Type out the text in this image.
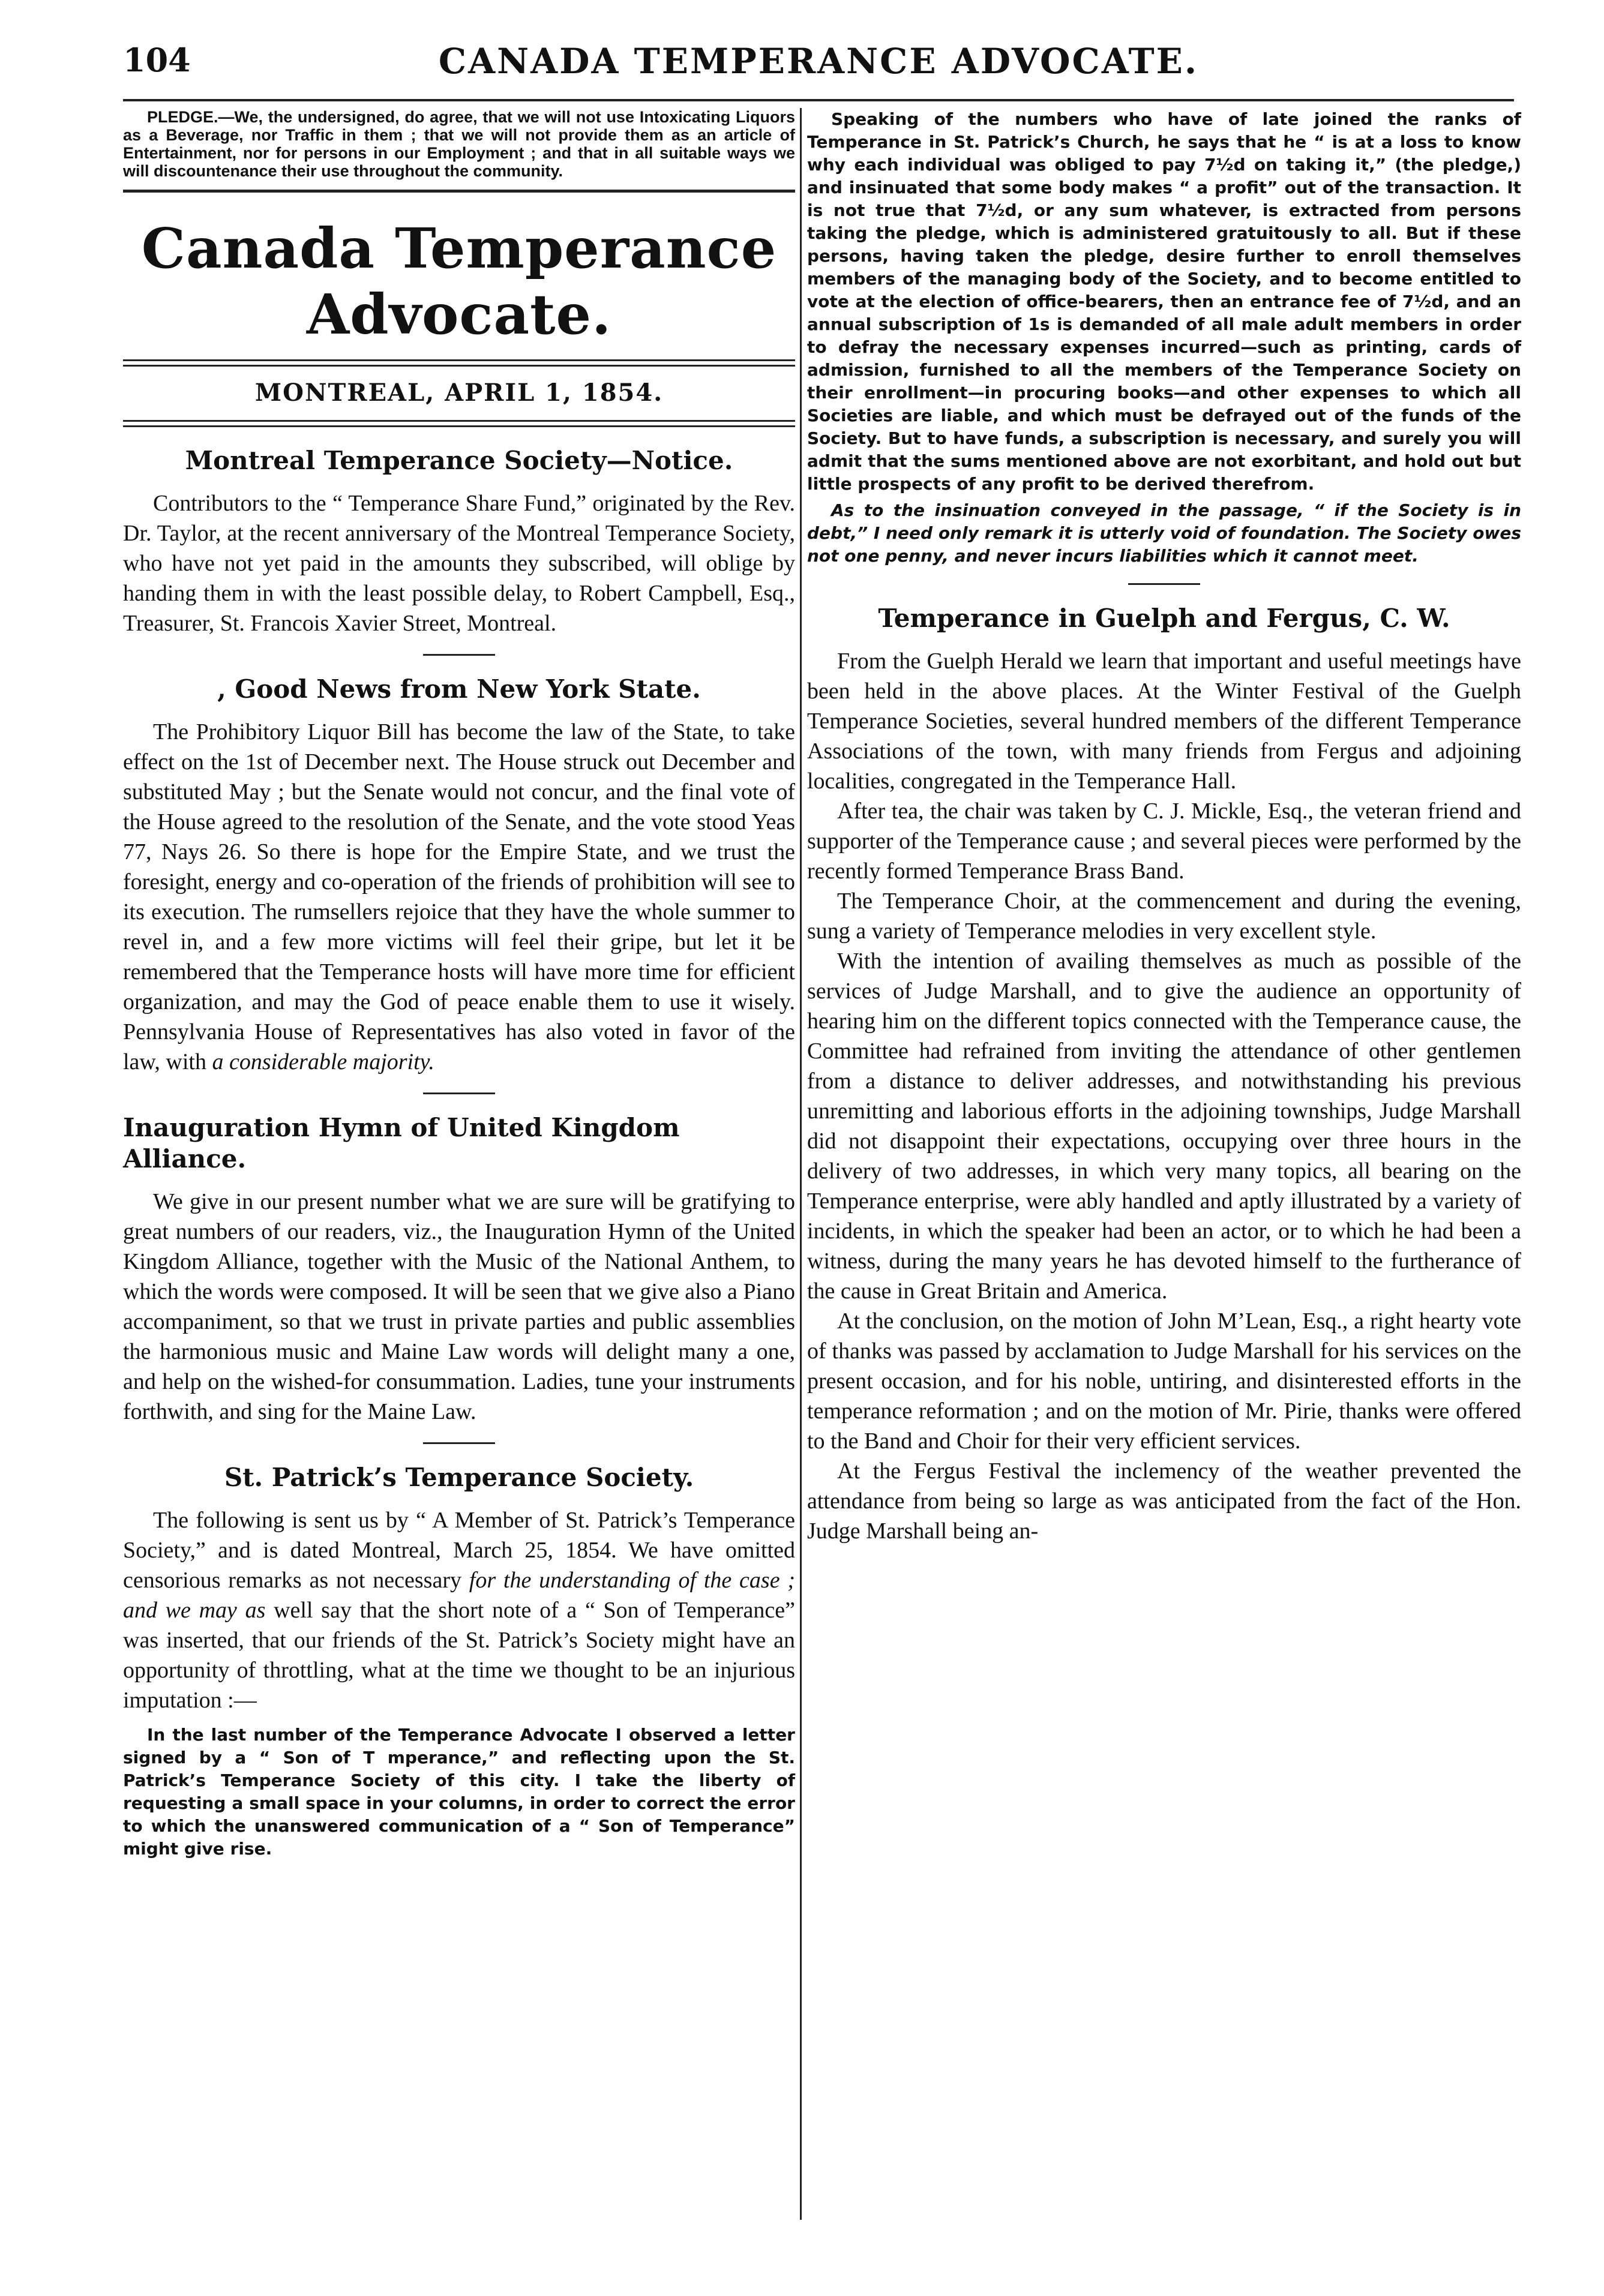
104	CANADA TEMPERANCE ADVOCATE.

PLEDGE.—We, the undersigned, do agree, that we will not use Intoxicating Liquors as a Beverage, nor Traffic in them ; that we will not provide them as an article of Entertainment, nor for persons in our Employment ; and that in all suitable ways we will discountenance their use throughout the community.

Canada Temperance Advocate.
MONTREAL, APRIL 1, 1854.
Montreal Temperance Society—Notice.

Contributors to the “ Temperance Share Fund,” originated by the Rev. Dr. Taylor, at the recent anniversary of the Montreal Temperance Society, who have not yet paid in the amounts they subscribed, will oblige by handing them in with the least possible delay, to Robert Campbell, Esq., Treasurer, St. Francois Xavier Street, Montreal.

, Good News from New York State.

The Prohibitory Liquor Bill has become the law of the State, to take effect on the 1st of December next. The House struck out December and substituted May ; but the Senate would not concur, and the final vote of the House agreed to the resolution of the Senate, and the vote stood Yeas 77, Nays 26. So there is hope for the Empire State, and we trust the foresight, energy and co-operation of the friends of prohibition will see to its execution. The rumsellers rejoice that they have the whole summer to revel in, and a few more victims will feel their gripe, but let it be remembered that the Temperance hosts will have more time for efficient organization, and may the God of peace enable them to use it wisely. Pennsylvania House of Representatives has also voted in favor of the law, with a considerable majority.

Inauguration Hymn of United Kingdom Alliance.

We give in our present number what we are sure will be gratifying to great numbers of our readers, viz., the Inauguration Hymn of the United Kingdom Alliance, together with the Music of the National Anthem, to which the words were composed. It will be seen that we give also a Piano accompaniment, so that we trust in private parties and public assemblies the harmonious music and Maine Law words will delight many a one, and help on the wished-for consummation. Ladies, tune your instruments forthwith, and sing for the Maine Law.

St. Patrick’s Temperance Society.

The following is sent us by “ A Member of St. Patrick’s Temperance Society,” and is dated Montreal, March 25, 1854. We have omitted censorious remarks as not necessary for the understanding of the case ; and we may as well say that the short note of a “ Son of Temperance” was inserted, that our friends of the St. Patrick’s Society might have an opportunity of throttling, what at the time we thought to be an injurious imputation :—

In the last number of the Temperance Advocate I observed a letter signed by a “ Son of T mperance,” and reflecting upon the St. Patrick’s Temperance Society of this city. I take the liberty of requesting a small space in your columns, in order to correct the error to which the unanswered communication of a “ Son of Temperance” might give rise.

Speaking of the numbers who have of late joined the ranks of Temperance in St. Patrick’s Church, he says that he “ is at a loss to know why each individual was obliged to pay 7½d on taking it,” (the pledge,) and insinuated that some body makes “ a profit” out of the transaction. It is not true that 7½d, or any sum whatever, is extracted from persons taking the pledge, which is administered gratuitously to all. But if these persons, having taken the pledge, desire further to enroll themselves members of the managing body of the Society, and to become entitled to vote at the election of office-bearers, then an entrance fee of 7½d, and an annual subscription of 1s is demanded of all male adult members in order to defray the necessary expenses incurred—such as printing, cards of admission, furnished to all the members of the Temperance Society on their enrollment—in procuring books—and other expenses to which all Societies are liable, and which must be defrayed out of the funds of the Society. But to have funds, a subscription is necessary, and surely you will admit that the sums mentioned above are not exorbitant, and hold out but little prospects of any profit to be derived therefrom.

As to the insinuation conveyed in the passage, “ if the Society is in debt,” I need only remark it is utterly void of foundation. The Society owes not one penny, and never incurs liabilities which it cannot meet.

Temperance in Guelph and Fergus, C. W.

From the Guelph Herald we learn that important and useful meetings have been held in the above places. At the Winter Festival of the Guelph Temperance Societies, several hundred members of the different Temperance Associations of the town, with many friends from Fergus and adjoining localities, congregated in the Temperance Hall.

After tea, the chair was taken by C. J. Mickle, Esq., the veteran friend and supporter of the Temperance cause ; and several pieces were performed by the recently formed Temperance Brass Band.

The Temperance Choir, at the commencement and during the evening, sung a variety of Temperance melodies in very excellent style.

With the intention of availing themselves as much as possible of the services of Judge Marshall, and to give the audience an opportunity of hearing him on the different topics connected with the Temperance cause, the Committee had refrained from inviting the attendance of other gentlemen from a distance to deliver addresses, and notwithstanding his previous unremitting and laborious efforts in the adjoining townships, Judge Marshall did not disappoint their expectations, occupying over three hours in the delivery of two addresses, in which very many topics, all bearing on the Temperance enterprise, were ably handled and aptly illustrated by a variety of incidents, in which the speaker had been an actor, or to which he had been a witness, during the many years he has devoted himself to the furtherance of the cause in Great Britain and America.

At the conclusion, on the motion of John M’Lean, Esq., a right hearty vote of thanks was passed by acclamation to Judge Marshall for his services on the present occasion, and for his noble, untiring, and disinterested efforts in the temperance reformation ; and on the motion of Mr. Pirie, thanks were offered to the Band and Choir for their very efficient services.

At the Fergus Festival the inclemency of the weather prevented the attendance from being so large as was anticipated from the fact of the Hon. Judge Marshall being an-
